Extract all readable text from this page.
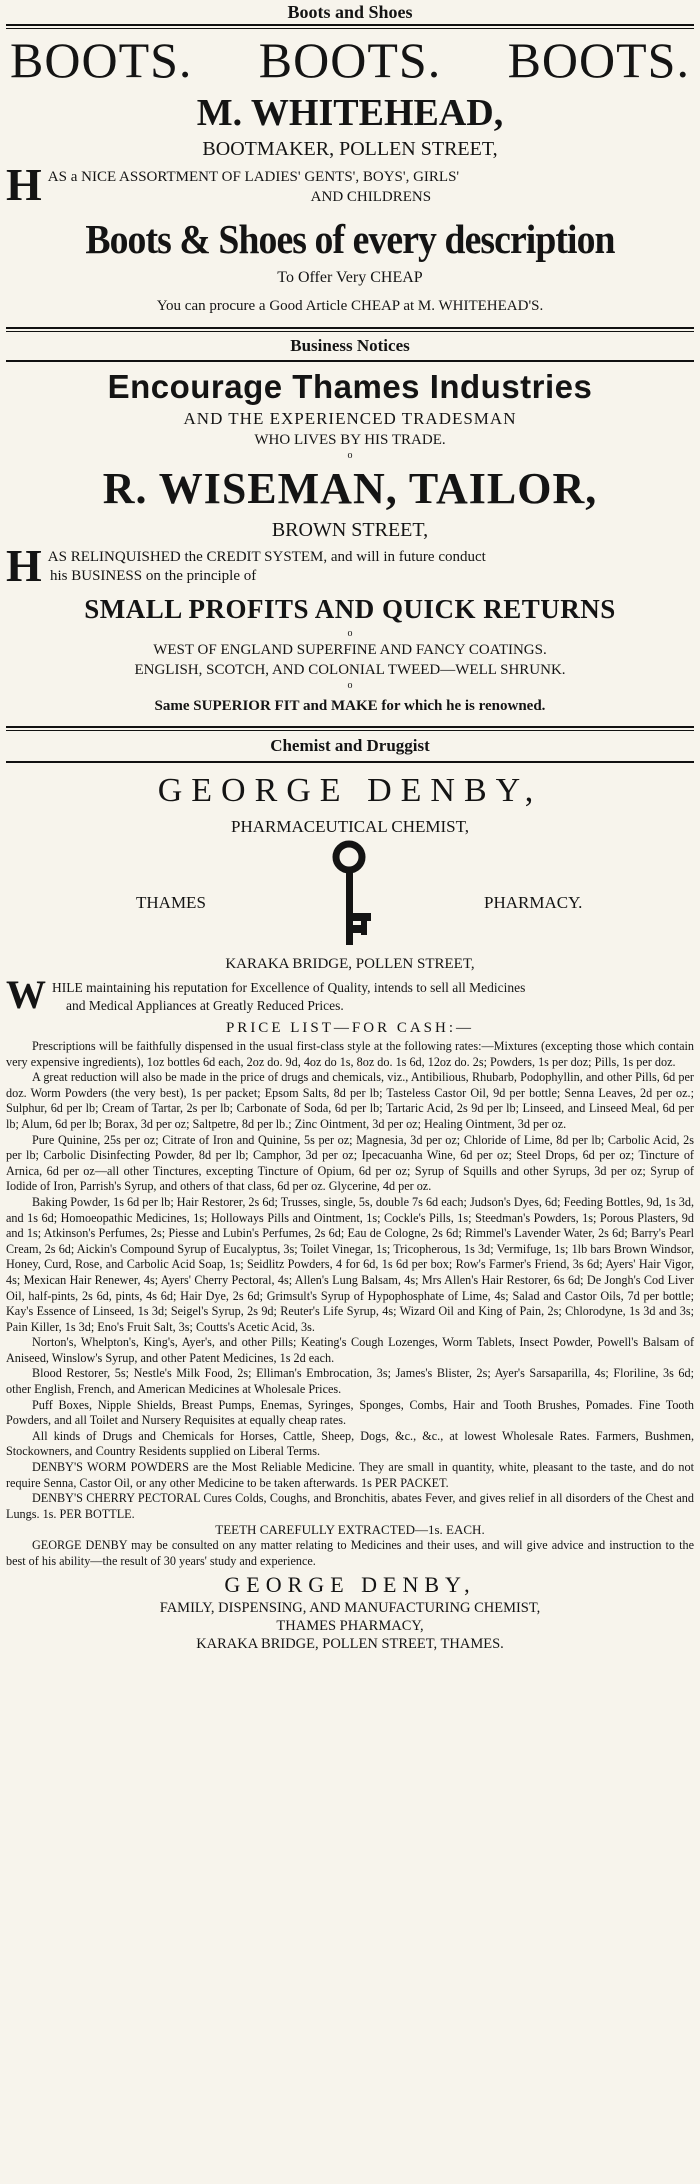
Boots and Shoes
BOOTS. BOOTS. BOOTS.
M. WHITEHEAD,
BOOTMAKER, POLLEN STREET,
H AS a NICE ASSORTMENT OF LADIES' GENTS', BOYS', GIRLS'

AND CHILDRENS

Boots & Shoes of every description
To Offer Very CHEAP
You can procure a Good Article CHEAP at M. WHITEHEAD'S.
Business Notices
Encourage Thames Industries
AND THE EXPERIENCED TRADESMAN
WHO LIVES BY HIS TRADE.
o
R. WISEMAN, TAILOR,
BROWN STREET,
H AS RELINQUISHED the CREDIT SYSTEM, and will in future conduct

his BUSINESS on the principle of

SMALL PROFITS AND QUICK RETURNS
o
WEST OF ENGLAND SUPERFINE AND FANCY COATINGS.
ENGLISH, SCOTCH, AND COLONIAL TWEED—WELL SHRUNK.
o
Same SUPERIOR FIT and MAKE for which he is renowned.
Chemist and Druggist
GEORGE DENBY,
PHARMACEUTICAL CHEMIST,
THAMES	PHARMACY.
KARAKA BRIDGE, POLLEN STREET,
W HILE maintaining his reputation for Excellence of Quality, intends to sell all Medicines

and Medical Appliances at Greatly Reduced Prices.

PRICE LIST—FOR CASH:—

Prescriptions will be faithfully dispensed in the usual first-class style at the following rates:—Mixtures (excepting those which contain very expensive ingredients), 1oz bottles 6d each, 2oz do. 9d, 4oz do 1s, 8oz do. 1s 6d, 12oz do. 2s; Powders, 1s per doz; Pills, 1s per doz.

A great reduction will also be made in the price of drugs and chemicals, viz., Antibilious, Rhubarb, Podophyllin, and other Pills, 6d per doz. Worm Powders (the very best), 1s per packet; Epsom Salts, 8d per lb; Tasteless Castor Oil, 9d per bottle; Senna Leaves, 2d per oz.; Sulphur, 6d per lb; Cream of Tartar, 2s per lb; Carbonate of Soda, 6d per lb; Tartaric Acid, 2s 9d per lb; Linseed, and Linseed Meal, 6d per lb; Alum, 6d per lb; Borax, 3d per oz; Saltpetre, 8d per lb.; Zinc Ointment, 3d per oz; Healing Ointment, 3d per oz.

Pure Quinine, 25s per oz; Citrate of Iron and Quinine, 5s per oz; Magnesia, 3d per oz; Chloride of Lime, 8d per lb; Carbolic Acid, 2s per lb; Carbolic Disinfecting Powder, 8d per lb; Camphor, 3d per oz; Ipecacuanha Wine, 6d per oz; Steel Drops, 6d per oz; Tincture of Arnica, 6d per oz—all other Tinctures, excepting Tincture of Opium, 6d per oz; Syrup of Squills and other Syrups, 3d per oz; Syrup of Iodide of Iron, Parrish's Syrup, and others of that class, 6d per oz. Glycerine, 4d per oz.

Baking Powder, 1s 6d per lb; Hair Restorer, 2s 6d; Trusses, single, 5s, double 7s 6d each; Judson's Dyes, 6d; Feeding Bottles, 9d, 1s 3d, and 1s 6d; Homoeopathic Medicines, 1s; Holloways Pills and Ointment, 1s; Cockle's Pills, 1s; Steedman's Powders, 1s; Porous Plasters, 9d and 1s; Atkinson's Perfumes, 2s; Piesse and Lubin's Perfumes, 2s 6d; Eau de Cologne, 2s 6d; Rimmel's Lavender Water, 2s 6d; Barry's Pearl Cream, 2s 6d; Aickin's Compound Syrup of Eucalyptus, 3s; Toilet Vinegar, 1s; Tricopherous, 1s 3d; Vermifuge, 1s; 1lb bars Brown Windsor, Honey, Curd, Rose, and Carbolic Acid Soap, 1s; Seidlitz Powders, 4 for 6d, 1s 6d per box; Row's Farmer's Friend, 3s 6d; Ayers' Hair Vigor, 4s; Mexican Hair Renewer, 4s; Ayers' Cherry Pectoral, 4s; Allen's Lung Balsam, 4s; Mrs Allen's Hair Restorer, 6s 6d; De Jongh's Cod Liver Oil, half-pints, 2s 6d, pints, 4s 6d; Hair Dye, 2s 6d; Grimsult's Syrup of Hypophosphate of Lime, 4s; Salad and Castor Oils, 7d per bottle; Kay's Essence of Linseed, 1s 3d; Seigel's Syrup, 2s 9d; Reuter's Life Syrup, 4s; Wizard Oil and King of Pain, 2s; Chlorodyne, 1s 3d and 3s; Pain Killer, 1s 3d; Eno's Fruit Salt, 3s; Coutts's Acetic Acid, 3s.

Norton's, Whelpton's, King's, Ayer's, and other Pills; Keating's Cough Lozenges, Worm Tablets, Insect Powder, Powell's Balsam of Aniseed, Winslow's Syrup, and other Patent Medicines, 1s 2d each.

Blood Restorer, 5s; Nestle's Milk Food, 2s; Elliman's Embrocation, 3s; James's Blister, 2s; Ayer's Sarsaparilla, 4s; Floriline, 3s 6d; other English, French, and American Medicines at Wholesale Prices.

Puff Boxes, Nipple Shields, Breast Pumps, Enemas, Syringes, Sponges, Combs, Hair and Tooth Brushes, Pomades. Fine Tooth Powders, and all Toilet and Nursery Requisites at equally cheap rates.

All kinds of Drugs and Chemicals for Horses, Cattle, Sheep, Dogs, &c., &c., at lowest Wholesale Rates. Farmers, Bushmen, Stockowners, and Country Residents supplied on Liberal Terms.

DENBY'S WORM POWDERS are the Most Reliable Medicine. They are small in quantity, white, pleasant to the taste, and do not require Senna, Castor Oil, or any other Medicine to be taken afterwards. 1s PER PACKET.

DENBY'S CHERRY PECTORAL Cures Colds, Coughs, and Bronchitis, abates Fever, and gives relief in all disorders of the Chest and Lungs. 1s. PER BOTTLE.

TEETH CAREFULLY EXTRACTED—1s. EACH.

GEORGE DENBY may be consulted on any matter relating to Medicines and their uses, and will give advice and instruction to the best of his ability—the result of 30 years' study and experience.

GEORGE DENBY,
FAMILY, DISPENSING, AND MANUFACTURING CHEMIST,
THAMES PHARMACY,
KARAKA BRIDGE, POLLEN STREET, THAMES.
